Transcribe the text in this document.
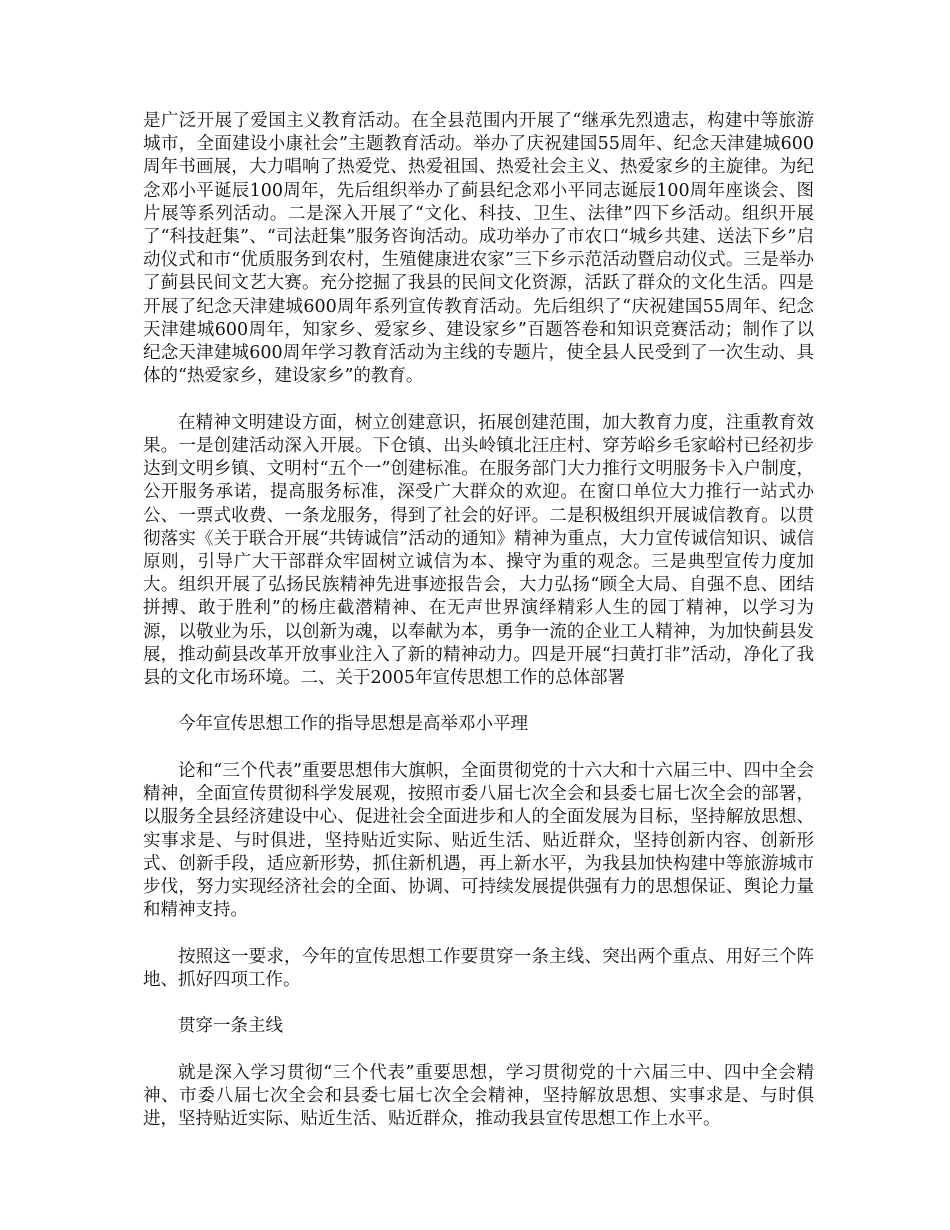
是广泛开展了爱国主义教育活动。在全县范围内开展了“继承先烈遗志，构建中等旅游城市，全面建设小康社会”主题教育活动。举办了庆祝建国55周年、纪念天津建城600周年书画展，大力唱响了热爱党、热爱祖国、热爱社会主义、热爱家乡的主旋律。为纪念邓小平诞辰100周年，先后组织举办了蓟县纪念邓小平同志诞辰100周年座谈会、图片展等系列活动。二是深入开展了“文化、科技、卫生、法律”四下乡活动。组织开展了“科技赶集”、“司法赶集”服务咨询活动。成功举办了市农口“城乡共建、送法下乡”启动仪式和市“优质服务到农村，生殖健康进农家”三下乡示范活动暨启动仪式。三是举办了蓟县民间文艺大赛。充分挖掘了我县的民间文化资源，活跃了群众的文化生活。四是开展了纪念天津建城600周年系列宣传教育活动。先后组织了“庆祝建国55周年、纪念天津建城600周年，知家乡、爱家乡、建设家乡”百题答卷和知识竞赛活动；制作了以纪念天津建城600周年学习教育活动为主线的专题片，使全县人民受到了一次生动、具体的“热爱家乡，建设家乡”的教育。

在精神文明建设方面，树立创建意识，拓展创建范围，加大教育力度，注重教育效果。一是创建活动深入开展。下仓镇、出头岭镇北汪庄村、穿芳峪乡毛家峪村已经初步达到文明乡镇、文明村“五个一”创建标准。在服务部门大力推行文明服务卡入户制度，公开服务承诺，提高服务标准，深受广大群众的欢迎。在窗口单位大力推行一站式办公、一票式收费、一条龙服务，得到了社会的好评。二是积极组织开展诚信教育。以贯彻落实《关于联合开展“共铸诚信”活动的通知》精神为重点，大力宣传诚信知识、诚信原则，引导广大干部群众牢固树立诚信为本、操守为重的观念。三是典型宣传力度加大。组织开展了弘扬民族精神先进事迹报告会，大力弘扬“顾全大局、自强不息、团结拼搏、敢于胜利”的杨庄截潜精神、在无声世界演绎精彩人生的园丁精神，以学习为源，以敬业为乐，以创新为魂，以奉献为本，勇争一流的企业工人精神，为加快蓟县发展，推动蓟县改革开放事业注入了新的精神动力。四是开展“扫黄打非”活动，净化了我县的文化市场环境。二、关于2005年宣传思想工作的总体部署

今年宣传思想工作的指导思想是高举邓小平理

论和“三个代表”重要思想伟大旗帜，全面贯彻党的十六大和十六届三中、四中全会精神，全面宣传贯彻科学发展观，按照市委八届七次全会和县委七届七次全会的部署，以服务全县经济建设中心、促进社会全面进步和人的全面发展为目标，坚持解放思想、实事求是、与时俱进，坚持贴近实际、贴近生活、贴近群众，坚持创新内容、创新形式、创新手段，适应新形势，抓住新机遇，再上新水平，为我县加快构建中等旅游城市步伐，努力实现经济社会的全面、协调、可持续发展提供强有力的思想保证、舆论力量和精神支持。

按照这一要求，今年的宣传思想工作要贯穿一条主线、突出两个重点、用好三个阵地、抓好四项工作。

贯穿一条主线

就是深入学习贯彻“三个代表”重要思想，学习贯彻党的十六届三中、四中全会精神、市委八届七次全会和县委七届七次全会精神，坚持解放思想、实事求是、与时俱进，坚持贴近实际、贴近生活、贴近群众，推动我县宣传思想工作上水平。
